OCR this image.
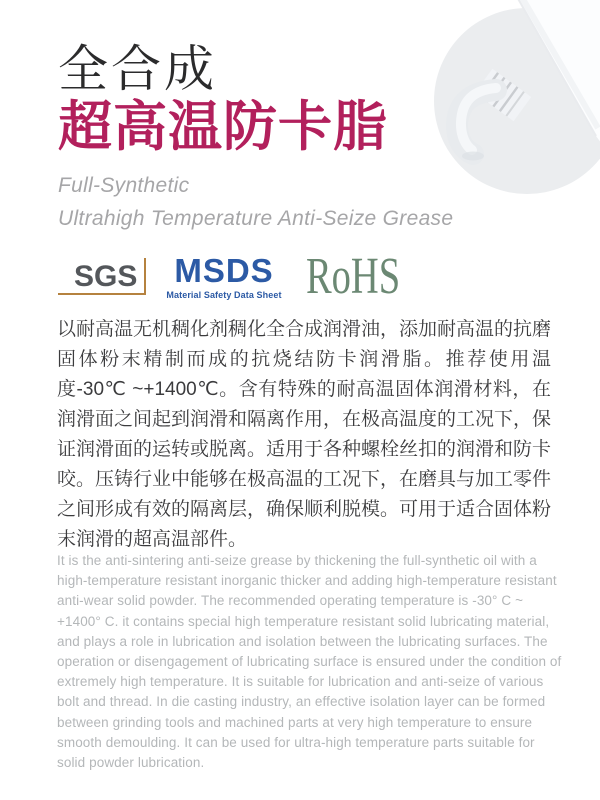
全合成
超高温防卡脂
Full-Synthetic
Ultrahigh Temperature Anti-Seize Grease
SGS	MSDS
Material Safety Data Sheet RoHS

以耐高温无机稠化剂稠化全合成润滑油，添加耐高温的抗磨固体粉末精制而成的抗烧结防卡润滑脂。推荐使用温度-30℃ ~+1400℃。含有特殊的耐高温固体润滑材料，在润滑面之间起到润滑和隔离作用，在极高温度的工况下，保证润滑面的运转或脱离。适用于各种螺栓丝扣的润滑和防卡咬。压铸行业中能够在极高温的工况下，在磨具与加工零件之间形成有效的隔离层，确保顺利脱模。可用于适合固体粉末润滑的超高温部件。

It is the anti-sintering anti-seize grease by thickening the full-synthetic oil with a high-temperature resistant inorganic thicker and adding high-temperature resistant anti-wear solid powder. The recommended operating temperature is -30° C ~ +1400° C. it contains special high temperature resistant solid lubricating material, and plays a role in lubrication and isolation between the lubricating surfaces. The operation or disengagement of lubricating surface is ensured under the condition of extremely high temperature. It is suitable for lubrication and anti-seize of various bolt and thread. In die casting industry, an effective isolation layer can be formed between grinding tools and machined parts at very high temperature to ensure smooth demoulding. It can be used for ultra-high temperature parts suitable for solid powder lubrication.
